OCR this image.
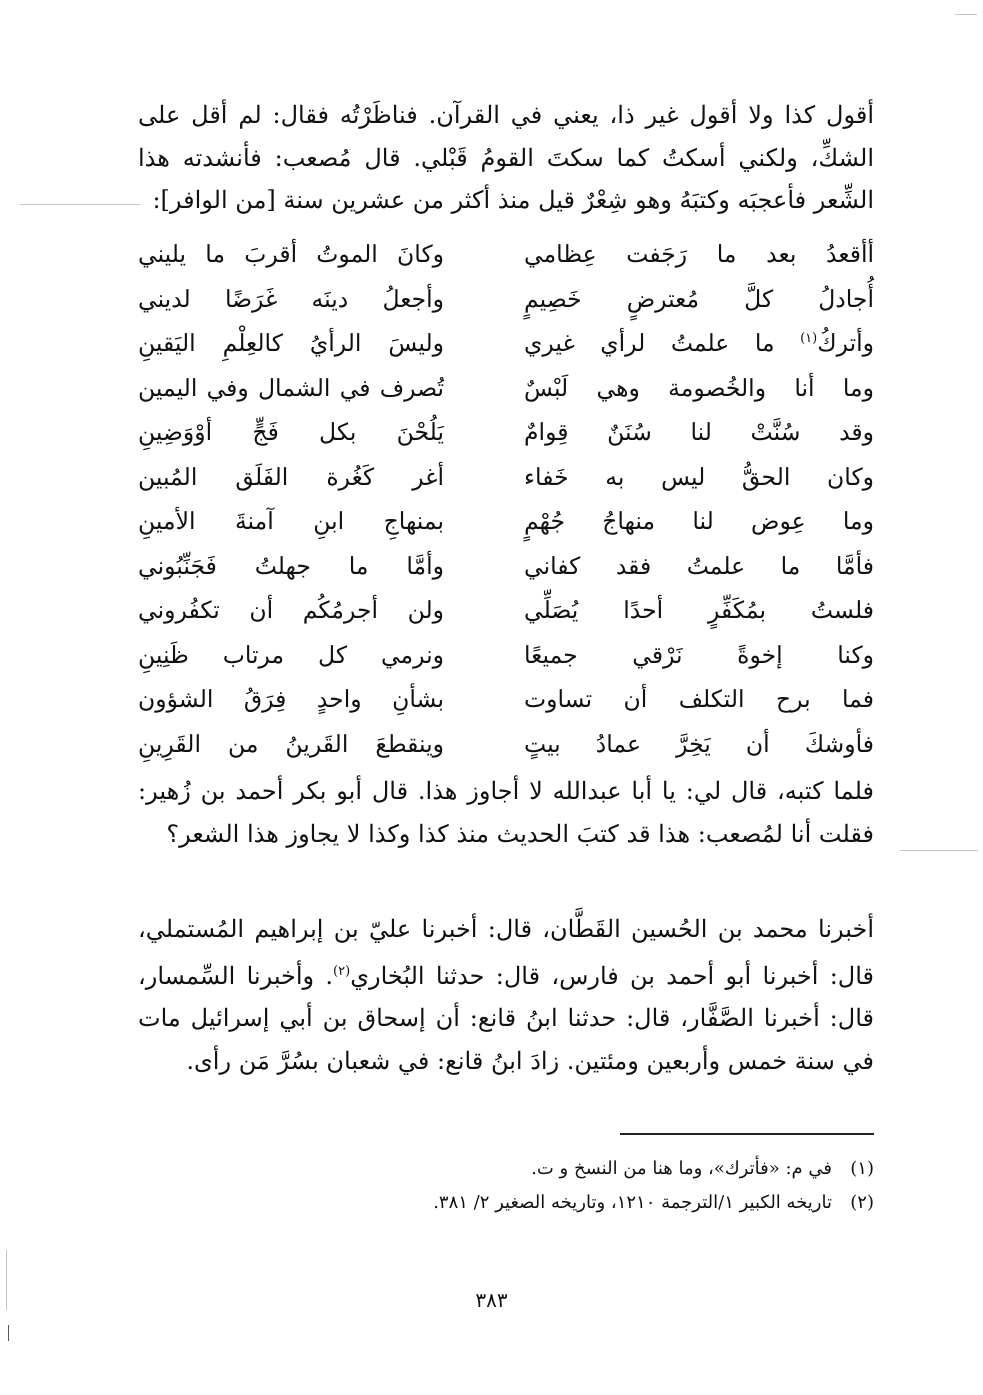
أقول كذا ولا أقول غير ذا، يعني في القرآن. فناظَرْتُه فقال: لم أقل على الشكِّ، ولكني أسكتُ كما سكتَ القومُ قَبْلي. قال مُصعب: فأنشدته هذا الشِّعر فأعجبَه وكتبَهُ وهو شِعْرٌ قيل منذ أكثر من عشرين سنة [من الوافر]:
أأقعدُ بعد ما رَجَفت عِظامي
وكانَ الموتُ أقربَ ما يليني
أُجادلُ كلَّ مُعترضٍ خَصِيمٍ
وأجعلُ دينَه غَرَضًا لديني
وأتركُ$^{(١)}$ ما علمتُ لرأي غيري
وليسَ الرأيُ كالعِلْمِ اليَقينِ
وما أنا والخُصومة وهي لَبْسٌ
تُصرف في الشمال وفي اليمين
وقد سُنَّتْ لنا سُنَنٌ قِوامٌ
يَلُحْنَ بكل فَجٍّ أوْوَضِينِ
وكان الحقُّ ليس به خَفاء
أغر كَغُرة الفَلَق المُبين
وما عِوض لنا منهاجُ جُهْمٍ
بمنهاجِ ابنِ آمنةَ الأمينِ
فأمَّا ما علمتُ فقد كفاني
وأمَّا ما جهلتُ فَجَنِّبُوني
فلستُ بمُكَفِّرٍ أحدًا يُصَلِّي
ولن أجرمُكُم أن تكفُروني
وكنا إخوةً نَرْقي جميعًا
ونرمي كل مرتاب ظَنِينِ
فما برح التكلف أن تساوت
بشأنِ واحدٍ فِرَقُ الشؤون
فأوشكَ أن يَخِرَّ عمادُ بيتٍ
وينقطعَ القَرينُ من القَرِينِ
فلما كتبه، قال لي: يا أبا عبدالله لا أجاوز هذا. قال أبو بكر أحمد بن زُهير: فقلت أنا لمُصعب: هذا قد كتبَ الحديث منذ كذا وكذا لا يجاوز هذا الشعر؟
أخبرنا محمد بن الحُسين القَطَّان، قال: أخبرنا عليّ بن إبراهيم المُستملي، قال: أخبرنا أبو أحمد بن فارس، قال: حدثنا البُخاري$^{(٢)}$. وأخبرنا السِّمسار، قال: أخبرنا الصَّفَّار، قال: حدثنا ابنُ قانع: أن إسحاق بن أبي إسرائيل مات في سنة خمس وأربعين ومئتين. زادَ ابنُ قانع: في شعبان بسُرَّ مَن رأى.
(١)في م: «فأترك»، وما هنا من النسخ و ت.
(٢)تاريخه الكبير ١/الترجمة ١٢١٠، وتاريخه الصغير ٢/ ٣٨١.
٣٨٣
